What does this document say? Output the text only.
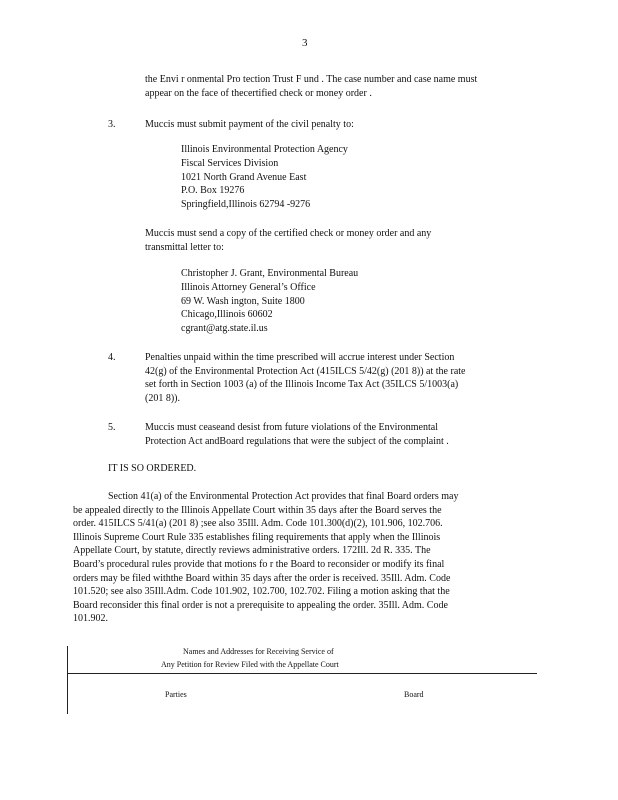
3
the Envi r onmental Pro tection Trust F und . The case number and case name must
appear on the face of thecertified check or money order .
3.	Muccis must submit payment of the civil penalty to:
Illinois Environmental Protection Agency
Fiscal Services Division
1021 North Grand Avenue East
P.O. Box 19276
Springfield,Illinois 62794 -9276
Muccis must send a copy of the certified check or money order and any
transmittal letter to:
Christopher J. Grant, Environmental Bureau
Illinois Attorney General’s Office
69 W. Wash ington, Suite 1800
Chicago,Illinois 60602
cgrant@atg.state.il.us
4.	Penalties unpaid within the time prescribed will accrue interest under Section
42(g) of the Environmental Protection Act (415ILCS 5/42(g) (201 8)) at the rate
set forth in Section 1003 (a) of the Illinois Income Tax Act (35ILCS 5/1003(a)
(201 8)).
5.	Muccis must ceaseand desist from future violations of the Environmental
Protection Act andBoard regulations that were the subject of the complaint .
IT IS SO ORDERED.
Section 41(a) of the Environmental Protection Act provides that final Board orders may
be appealed directly to the Illinois Appellate Court within 35 days after the Board serves the
order. 415ILCS 5/41(a) (201 8) ;see also 35Ill. Adm. Code 101.300(d)(2), 101.906, 102.706.
Illinois Supreme Court Rule 335 establishes filing requirements that apply when the Illinois
Appellate Court, by statute, directly reviews administrative orders. 172Ill. 2d R. 335. The
Board’s procedural rules provide that motions fo r the Board to reconsider or modify its final
orders may be filed withthe Board within 35 days after the order is received. 35Ill. Adm. Code
101.520; see also 35Ill.Adm. Code 101.902, 102.700, 102.702. Filing a motion asking that the
Board reconsider this final order is not a prerequisite to appealing the order. 35Ill. Adm. Code
101.902.
Names and Addresses for Receiving Service of
Any Petition for Review Filed with the Appellate Court
Parties	Board
